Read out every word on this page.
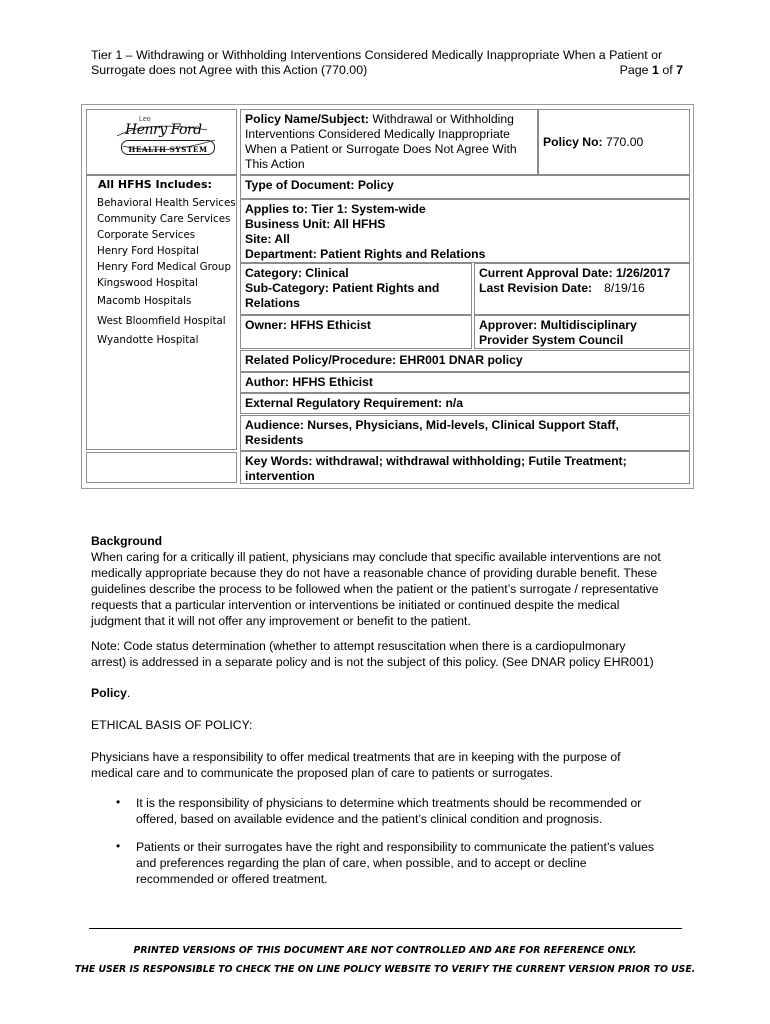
Tier 1 – Withdrawing or Withholding Interventions Considered Medically Inappropriate When a Patient or
Surrogate does not Agree with this Action (770.00)	Page 1 of 7
Leo
Henry Ford
HEALTH SYSTEM
All HFHS Includes:
Behavioral Health Services
Community Care Services
Corporate Services
Henry Ford Hospital
Henry Ford Medical Group
Kingswood Hospital
Macomb Hospitals
West Bloomfield Hospital
Wyandotte Hospital
Policy Name/Subject: Withdrawal or Withholding
Interventions Considered Medically Inappropriate
When a Patient or Surrogate Does Not Agree With
This Action
Policy No: 770.00
Type of Document: Policy
Applies to: Tier 1: System-wide
Business Unit: All HFHS
Site: All
Department: Patient Rights and Relations
Category: Clinical
Sub-Category: Patient Rights and
Relations
Current Approval Date: 1/26/2017
Last Revision Date: 8/19/16
Owner: HFHS Ethicist	Approver: Multidisciplinary
Provider System Council
Related Policy/Procedure: EHR001 DNAR policy
Author: HFHS Ethicist
External Regulatory Requirement: n/a
Audience: Nurses, Physicians, Mid-levels, Clinical Support Staff,
Residents
Key Words: withdrawal; withdrawal withholding; Futile Treatment;
intervention
Background
When caring for a critically ill patient, physicians may conclude that specific available interventions are not
medically appropriate because they do not have a reasonable chance of providing durable benefit. These
guidelines describe the process to be followed when the patient or the patient’s surrogate / representative
requests that a particular intervention or interventions be initiated or continued despite the medical
judgment that it will not offer any improvement or benefit to the patient.
Note: Code status determination (whether to attempt resuscitation when there is a cardiopulmonary
arrest) is addressed in a separate policy and is not the subject of this policy. (See DNAR policy EHR001)
Policy.
ETHICAL BASIS OF POLICY:
Physicians have a responsibility to offer medical treatments that are in keeping with the purpose of
medical care and to communicate the proposed plan of care to patients or surrogates.
• It is the responsibility of physicians to determine which treatments should be recommended or
offered, based on available evidence and the patient’s clinical condition and prognosis.
• Patients or their surrogates have the right and responsibility to communicate the patient’s values
and preferences regarding the plan of care, when possible, and to accept or decline
recommended or offered treatment.
PRINTED VERSIONS OF THIS DOCUMENT ARE NOT CONTROLLED AND ARE FOR REFERENCE ONLY.
THE USER IS RESPONSIBLE TO CHECK THE ON LINE POLICY WEBSITE TO VERIFY THE CURRENT VERSION PRIOR TO USE.
